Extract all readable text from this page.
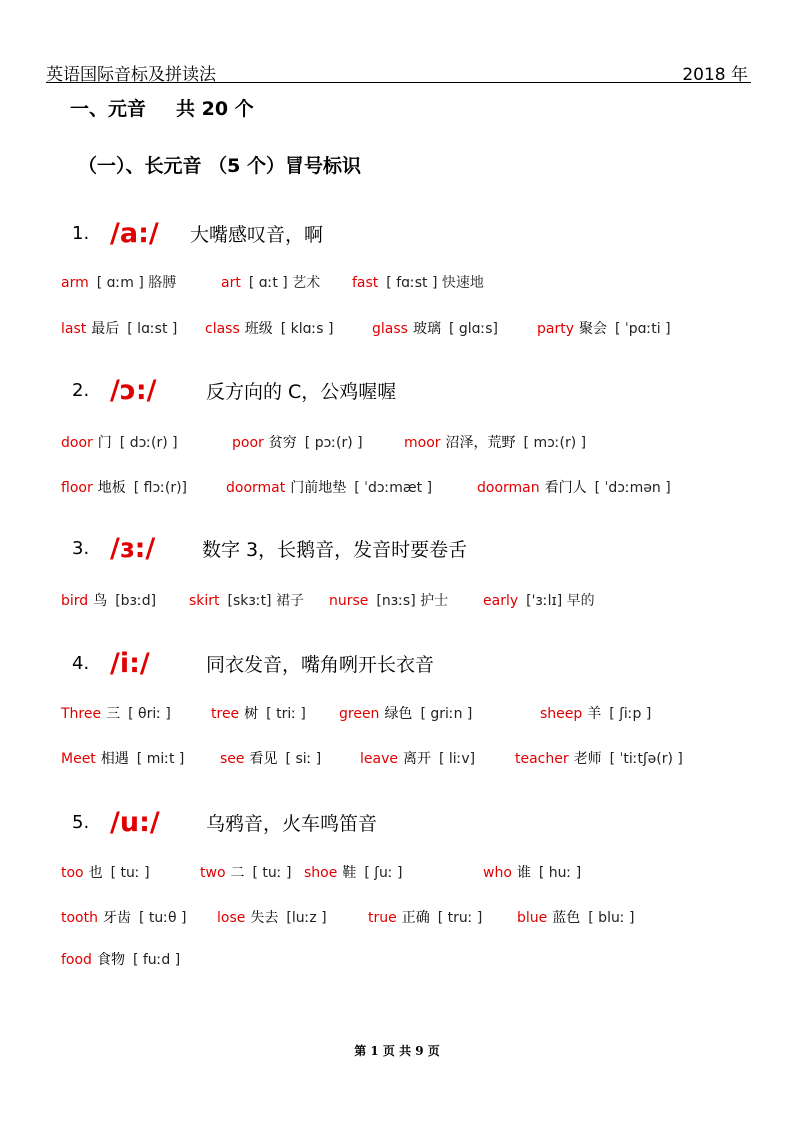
英语国际音标及拼读法	2018 年
一、元音 共 20 个
（一）、长元音 （5 个）冒号标识
1. /a:/	大嘴感叹音，啊
arm [ ɑːm ] 胳膊	art [ ɑːt ] 艺术 fast [ fɑːst ] 快速地
last 最后 [ lɑːst ] class 班级 [ klɑːs ]	glass 玻璃 [ glɑːs]	party 聚会 [ ˈpɑːti ]
2. /ɔ:/	反方向的 C，公鸡喔喔
door 门 [ dɔː(r) ]	poor 贫穷 [ pɔː(r) ]	moor 沼泽，荒野 [ mɔː(r) ]
floor 地板 [ flɔː(r)]	doormat 门前地垫 [ ˈdɔːmæt ]	doorman 看门人 [ ˈdɔːmən ]
3. /ɜ:/	数字 3，长鹅音，发音时要卷舌
bird 鸟 [bɜːd] skirt [skɜːt] 裙子 nurse [nɜːs] 护士 early ['ɜːlɪ] 早的
4. /i:/	同衣发音，嘴角咧开长衣音
Three 三 [ θriː ]	tree 树 [ triː ] green 绿色 [ griːn ]	sheep 羊 [ ʃiːp ]
Meet 相遇 [ miːt ]	see 看见 [ siː ]	leave 离开 [ liːv]	teacher 老师 [ ˈtiːtʃə(r) ]
5. /u:/	乌鸦音，火车鸣笛音
too 也 [ tuː ]	two 二 [ tuː ] shoe 鞋 [ ʃuː ]	who 谁 [ huː ]
tooth 牙齿 [ tuːθ ] lose 失去 [luːz ]	true 正确 [ truː ] blue 蓝色 [ bluː ]
food 食物 [ fuːd ]
第 1 页 共 9 页
